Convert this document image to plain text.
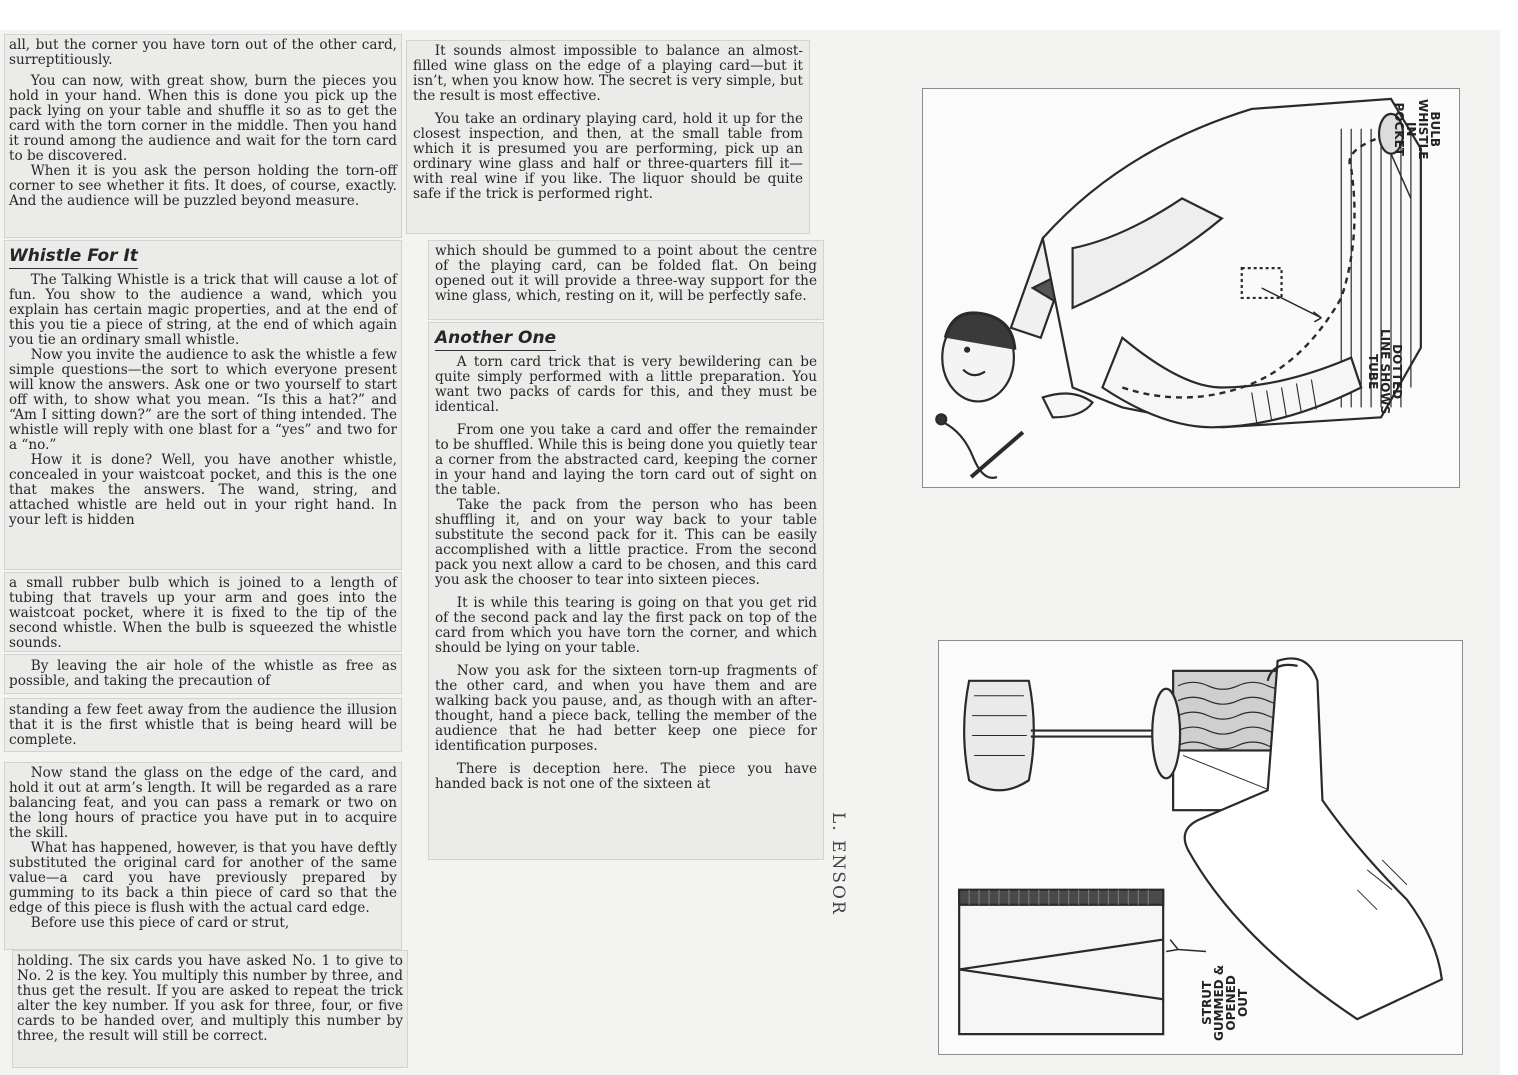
all, but the corner you have torn out of the other card, surreptitiously.

You can now, with great show, burn the pieces you hold in your hand. When this is done you pick up the pack lying on your table and shuffle it so as to get the card with the torn corner in the middle. Then you hand it round among the audience and wait for the torn card to be discovered.

When it is you ask the person holding the torn-off corner to see whether it fits. It does, of course, exactly. And the audience will be puzzled beyond measure.

Whistle For It

The Talking Whistle is a trick that will cause a lot of fun. You show to the audience a wand, which you explain has certain magic properties, and at the end of this you tie a piece of string, at the end of which again you tie an ordinary small whistle.

Now you invite the audience to ask the whistle a few simple questions—the sort to which everyone present will know the answers. Ask one or two yourself to start off with, to show what you mean. “Is this a hat?” and “Am I sitting down?” are the sort of thing intended. The whistle will reply with one blast for a “yes” and two for a “no.”

How it is done? Well, you have another whistle, concealed in your waistcoat pocket, and this is the one that makes the answers. The wand, string, and attached whistle are held out in your right hand. In your left is hidden

a small rubber bulb which is joined to a length of tubing that travels up your arm and goes into the waistcoat pocket, where it is fixed to the tip of the second whistle. When the bulb is squeezed the whistle sounds.

By leaving the air hole of the whistle as free as possible, and taking the precaution of

standing a few feet away from the audience the illusion that it is the first whistle that is being heard will be complete.

Now stand the glass on the edge of the card, and hold it out at arm’s length. It will be regarded as a rare balancing feat, and you can pass a remark or two on the long hours of practice you have put in to acquire the skill.

What has happened, however, is that you have deftly substituted the original card for another of the same value—a card you have previously prepared by gumming to its back a thin piece of card so that the edge of this piece is flush with the actual card edge.

Before use this piece of card or strut,

holding. The six cards you have asked No. 1 to give to No. 2 is the key. You multiply this number by three, and thus get the result. If you are asked to repeat the trick alter the key number. If you ask for three, four, or five cards to be handed over, and multiply this number by three, the result will still be correct.

It sounds almost impossible to balance an almost-filled wine glass on the edge of a playing card—but it isn’t, when you know how. The secret is very simple, but the result is most effective.

You take an ordinary playing card, hold it up for the closest inspection, and then, at the small table from which it is presumed you are performing, pick up an ordinary wine glass and half or three-quarters fill it—with real wine if you like. The liquor should be quite safe if the trick is performed right.

which should be gummed to a point about the centre of the playing card, can be folded flat. On being opened out it will provide a three-way support for the wine glass, which, resting on it, will be perfectly safe.

Another One

A torn card trick that is very bewildering can be quite simply performed with a little preparation. You want two packs of cards for this, and they must be identical.

From one you take a card and offer the remainder to be shuffled. While this is being done you quietly tear a corner from the abstracted card, keeping the corner in your hand and laying the torn card out of sight on the table.

Take the pack from the person who has been shuffling it, and on your way back to your table substitute the second pack for it. This can be easily accomplished with a little practice. From the second pack you next allow a card to be chosen, and this card you ask the chooser to tear into sixteen pieces.

It is while this tearing is going on that you get rid of the second pack and lay the first pack on top of the card from which you have torn the corner, and which should be lying on your table.

Now you ask for the sixteen torn-up fragments of the other card, and when you have them and are walking back you pause, and, as though with an after-thought, hand a piece back, telling the member of the audience that he had better keep one piece for identification purposes.

There is deception here. The piece you have handed back is not one of the sixteen at

BULB
WHISTLE
IN
POCKET
DOTTED
LINE SHOWS
TUBE
STRUT
GUMMED &
OPENED
OUT
L. ENSOR
